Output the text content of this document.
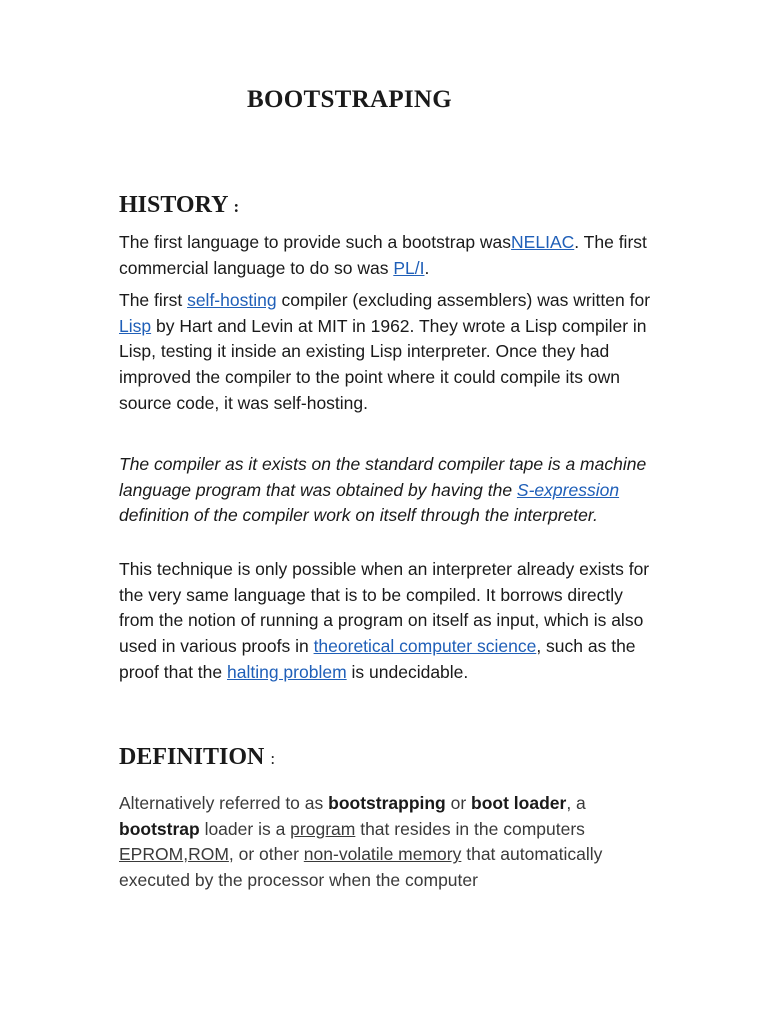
BOOTSTRAPING
HISTORY :

The first language to provide such a bootstrap wasNELIAC. The first commercial language to do so was PL/I.

The first self-hosting compiler (excluding assemblers) was written for Lisp by Hart and Levin at MIT in 1962. They wrote a Lisp compiler in Lisp, testing it inside an existing Lisp interpreter. Once they had improved the compiler to the point where it could compile its own source code, it was self-hosting.

The compiler as it exists on the standard compiler tape is a machine language program that was obtained by having the S-expression definition of the compiler work on itself through the interpreter.

This technique is only possible when an interpreter already exists for the very same language that is to be compiled. It borrows directly from the notion of running a program on itself as input, which is also used in various proofs in theoretical computer science, such as the proof that the halting problem is undecidable.

DEFINITION :

Alternatively referred to as bootstrapping or boot loader, a bootstrap loader is a program that resides in the computers EPROM,ROM, or other non-volatile memory that automatically executed by the processor when the computer
